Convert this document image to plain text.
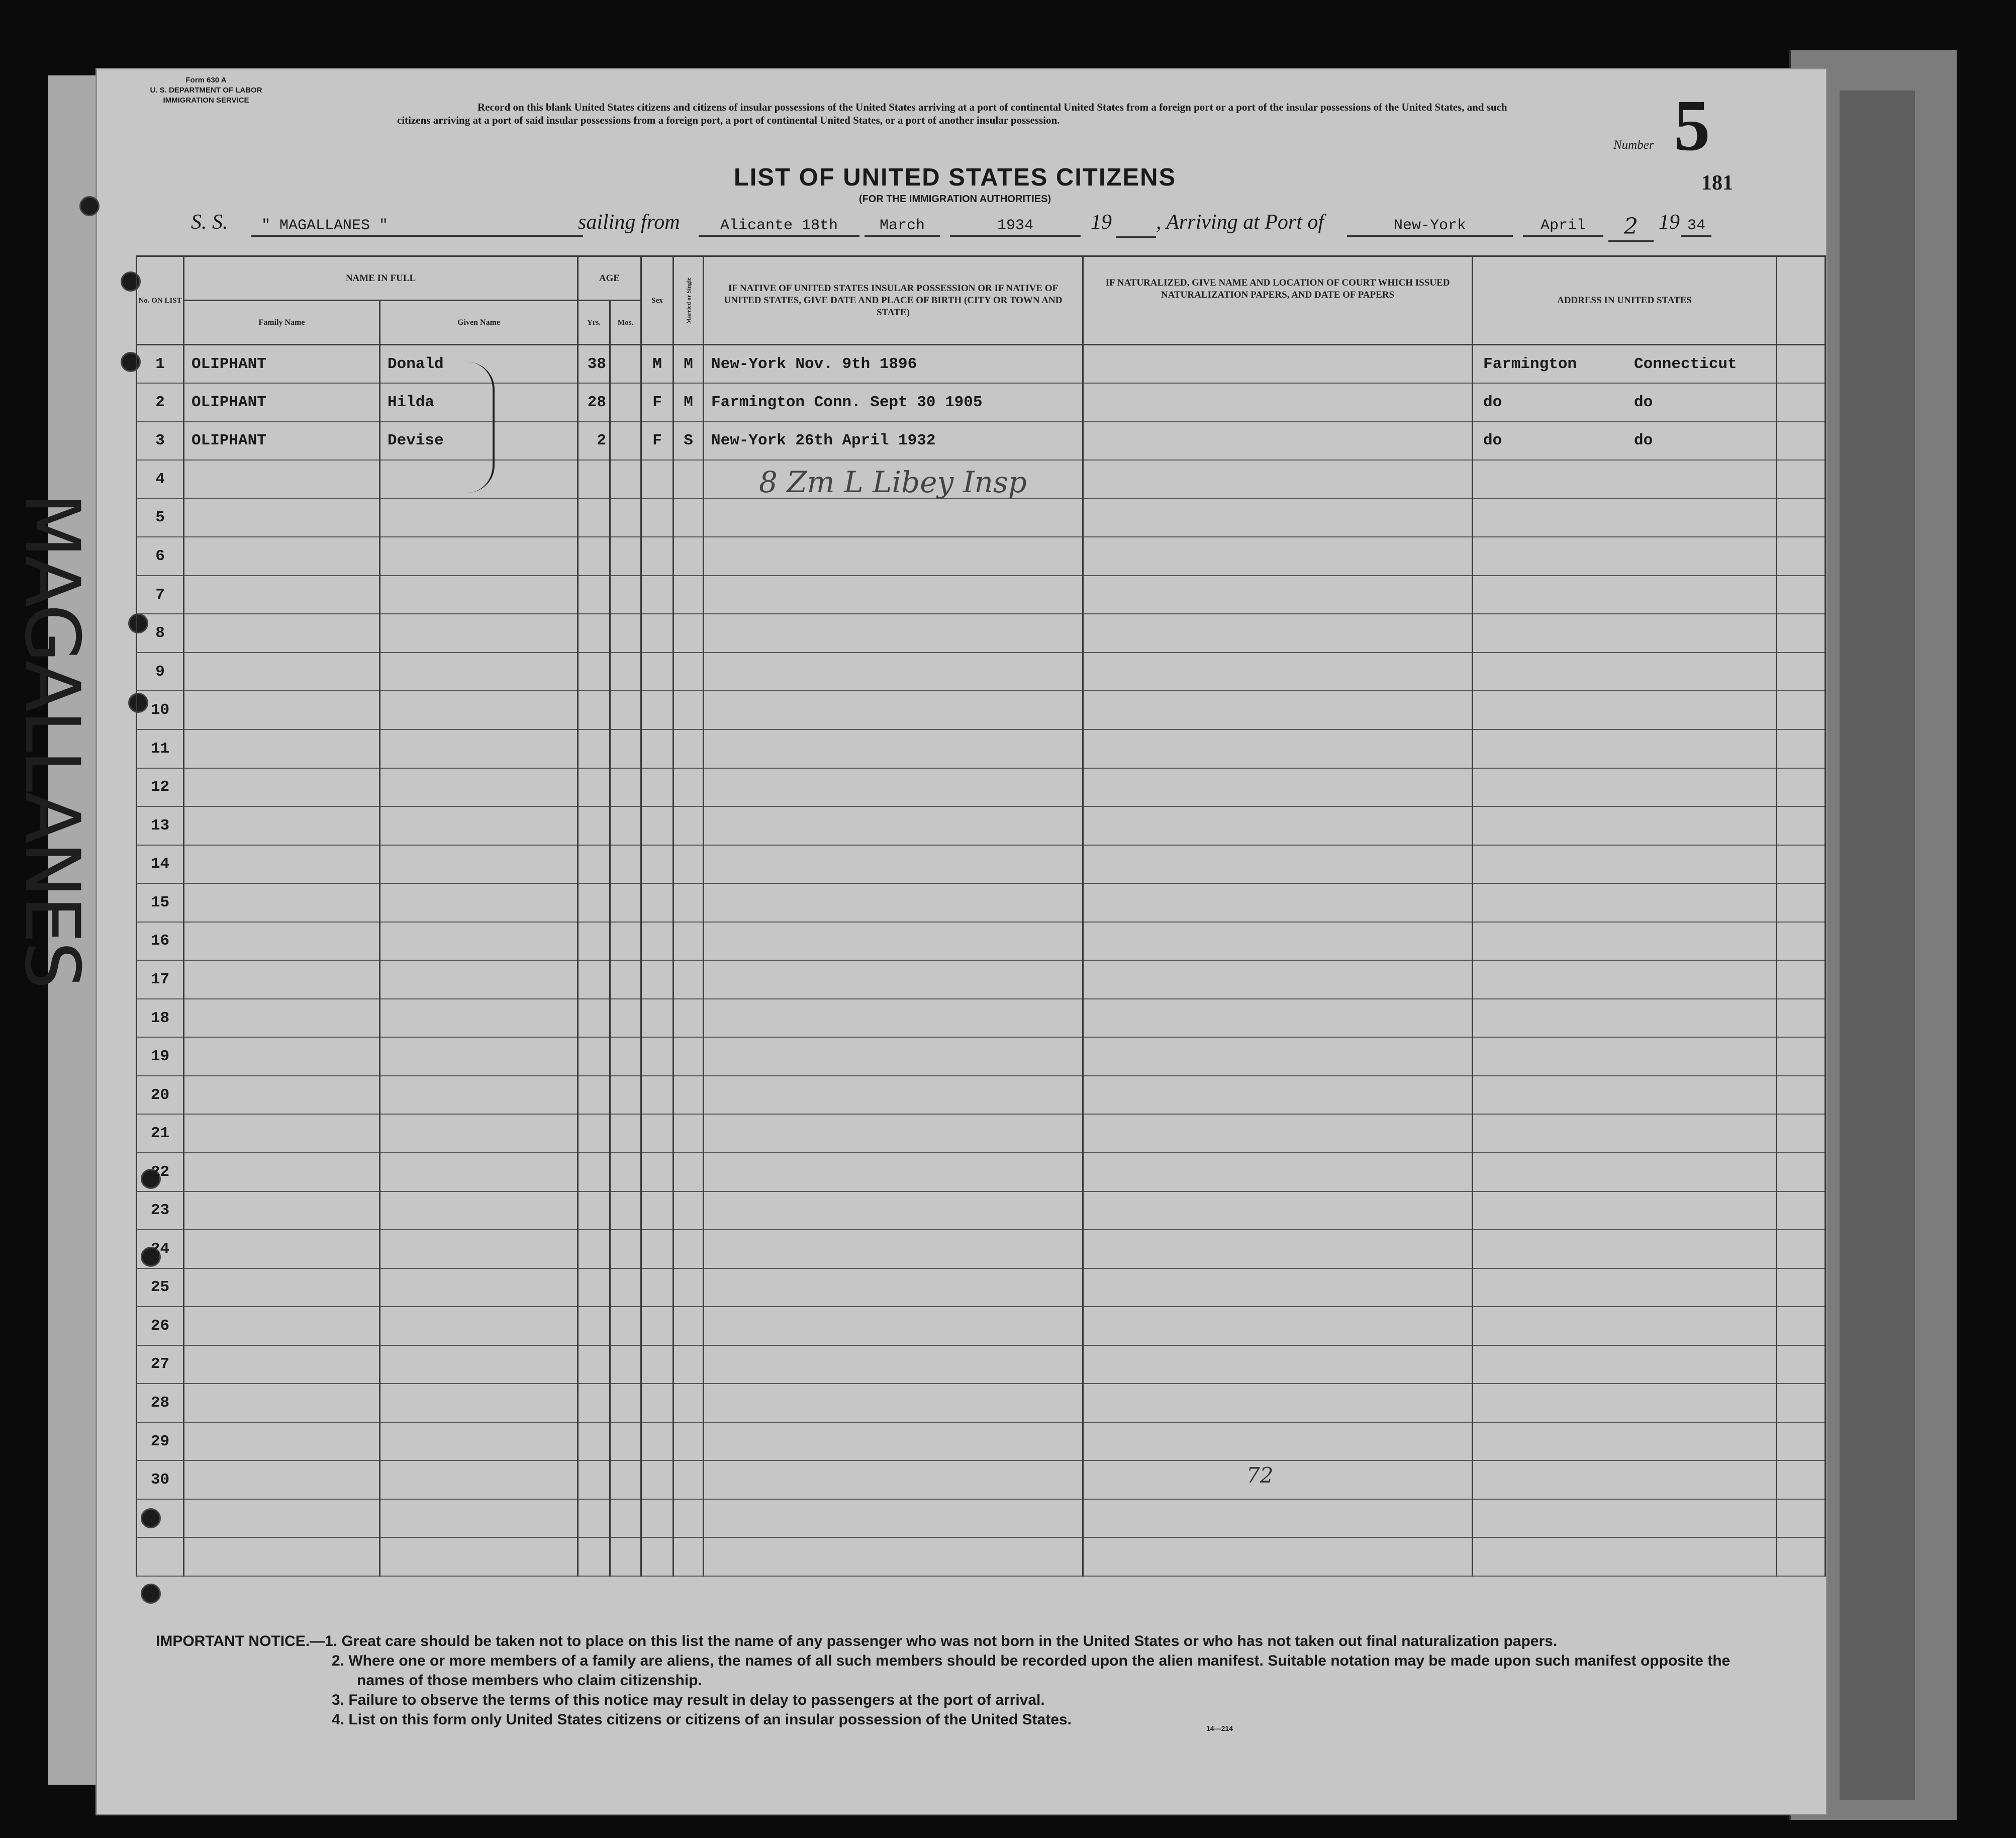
MAGALLANES
Form 630 A
U. S. DEPARTMENT OF LABOR
IMMIGRATION SERVICE
Record on this blank United States citizens and citizens of insular possessions of the United States arriving at a port of continental United States from a foreign port or a port of the insular possessions of the United States, and such citizens arriving at a port of said insular possessions from a foreign port, a port of continental United States, or a port of another insular possession.
LIST OF UNITED STATES CITIZENS
(FOR THE IMMIGRATION AUTHORITIES)
Number 5
181
S. S.	" MAGALLANES "	sailing from	Alicante 18th	March	1934	19 , Arriving at Port of	New-York	April	2 19 34
No. ON LIST	NAME IN FULL		AGE		Sex	Married or Single	IF NATIVE OF UNITED STATES INSULAR POSSESSION OR IF NATIVE OF UNITED STATES, GIVE DATE AND PLACE OF BIRTH (CITY OR TOWN AND STATE)	IF NATURALIZED, GIVE NAME AND LOCATION OF COURT WHICH ISSUED NATURALIZATION PAPERS, AND DATE OF PAPERS	ADDRESS IN UNITED STATES	
	Family Name	Given Name	Yrs.	Mos.						
1	OLIPHANT	Donald	38		M	M	New-York Nov. 9th 1896		Farmington Connecticut	
2	OLIPHANT	Hilda	28		F	M	Farmington Conn. Sept 30 1905		do do	
3	OLIPHANT	Devise	2		F	S	New-York 26th April 1932		do do	
4										
5										
6										
7										
8										
9										
10										
11										
12										
13										
14										
15										
16										
17										
18										
19										
20										
21										
22										
23										
24										
25										
26										
27										
28										
29										
30										

8 Zm L Libey Insp
72
IMPORTANT NOTICE.—1. Great care should be taken not to place on this list the name of any passenger who was not born in the United States or who has not taken out final naturalization papers.
2. Where one or more members of a family are aliens, the names of all such members should be recorded upon the alien manifest. Suitable notation may be made upon such manifest opposite the names of those members who claim citizenship.
3. Failure to observe the terms of this notice may result in delay to passengers at the port of arrival.
4. List on this form only United States citizens or citizens of an insular possession of the United States.
14—214
